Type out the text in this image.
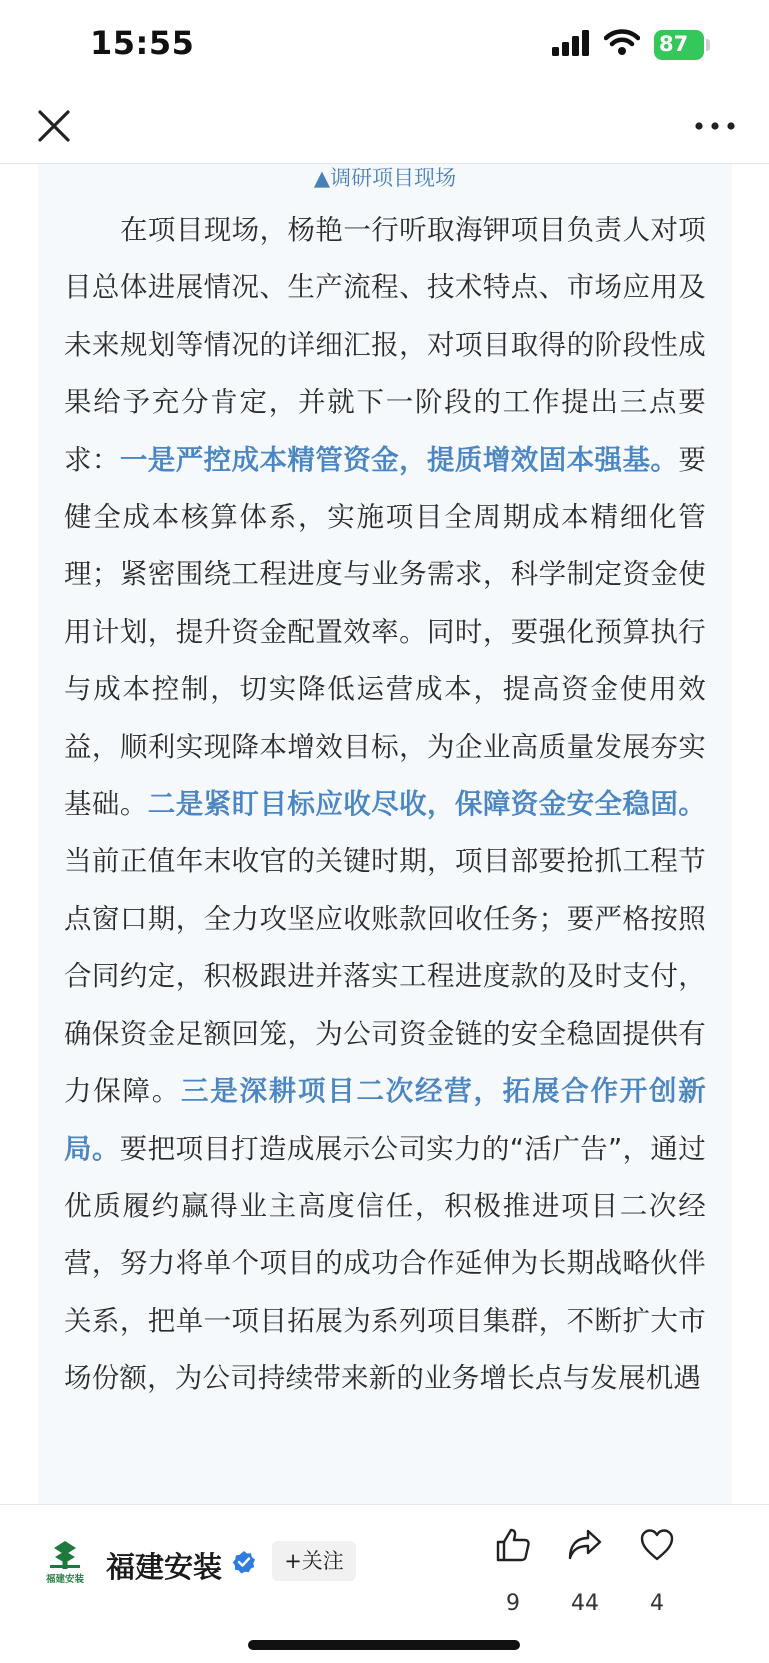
15:55	87
▲调研项目现场

在项目现场，杨艳一行听取海钾项目负责人对项目总体进展情况、生产流程、技术特点、市场应用及未来规划等情况的详细汇报，对项目取得的阶段性成果给予充分肯定，并就下一阶段的工作提出三点要求：一是严控成本精管资金，提质增效固本强基。要健全成本核算体系，实施项目全周期成本精细化管理；紧密围绕工程进度与业务需求，科学制定资金使用计划，提升资金配置效率。同时，要强化预算执行与成本控制，切实降低运营成本，提高资金使用效益，顺利实现降本增效目标，为企业高质量发展夯实基础。二是紧盯目标应收尽收，保障资金安全稳固。当前正值年末收官的关键时期，项目部要抢抓工程节点窗口期，全力攻坚应收账款回收任务；要严格按照合同约定，积极跟进并落实工程进度款的及时支付，确保资金足额回笼，为公司资金链的安全稳固提供有力保障。三是深耕项目二次经营，拓展合作开创新局。要把项目打造成展示公司实力的“活广告”，通过优质履约赢得业主高度信任，积极推进项目二次经营，努力将单个项目的成功合作延伸为长期战略伙伴关系，把单一项目拓展为系列项目集群，不断扩大市场份额，为公司持续带来新的业务增长点与发展机遇

福建安装 福建安装	+关注
9	44	4
